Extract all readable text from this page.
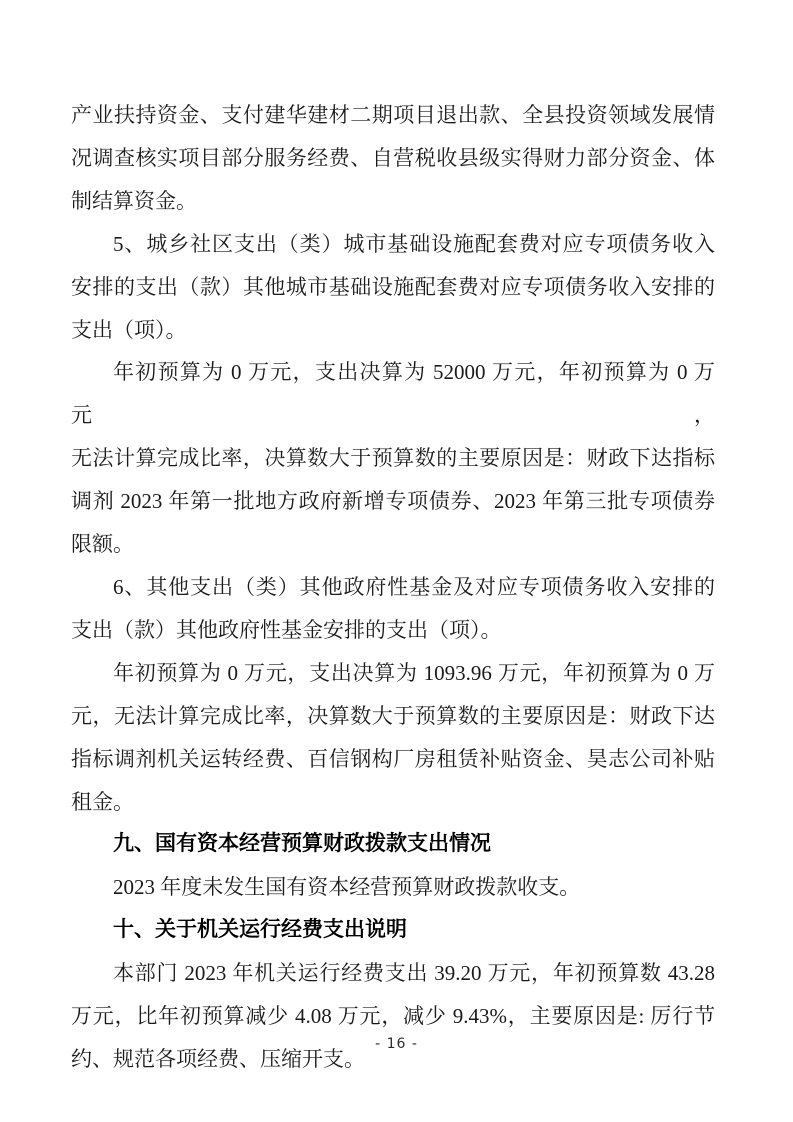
产业扶持资金、支付建华建材二期项目退出款、全县投资领域发展情
况调查核实项目部分服务经费、自营税收县级实得财力部分资金、体
制结算资金。
5、城乡社区支出（类）城市基础设施配套费对应专项债务收入
安排的支出（款）其他城市基础设施配套费对应专项债务收入安排的
支出（项）。
年初预算为 0 万元，支出决算为 52000 万元，年初预算为 0 万元，
无法计算完成比率，决算数大于预算数的主要原因是：财政下达指标
调剂 2023 年第一批地方政府新增专项债券、2023 年第三批专项债券
限额。
6、其他支出（类）其他政府性基金及对应专项债务收入安排的
支出（款）其他政府性基金安排的支出（项）。
年初预算为 0 万元，支出决算为 1093.96 万元，年初预算为 0 万
元，无法计算完成比率，决算数大于预算数的主要原因是：财政下达
指标调剂机关运转经费、百信钢构厂房租赁补贴资金、昊志公司补贴
租金。
九、国有资本经营预算财政拨款支出情况
2023 年度未发生国有资本经营预算财政拨款收支。
十、关于机关运行经费支出说明
本部门 2023 年机关运行经费支出 39.20 万元，年初预算数 43.28
万元，比年初预算减少 4.08 万元，减少 9.43%，主要原因是: 厉行节
约、规范各项经费、压缩开支。
- 16 -
